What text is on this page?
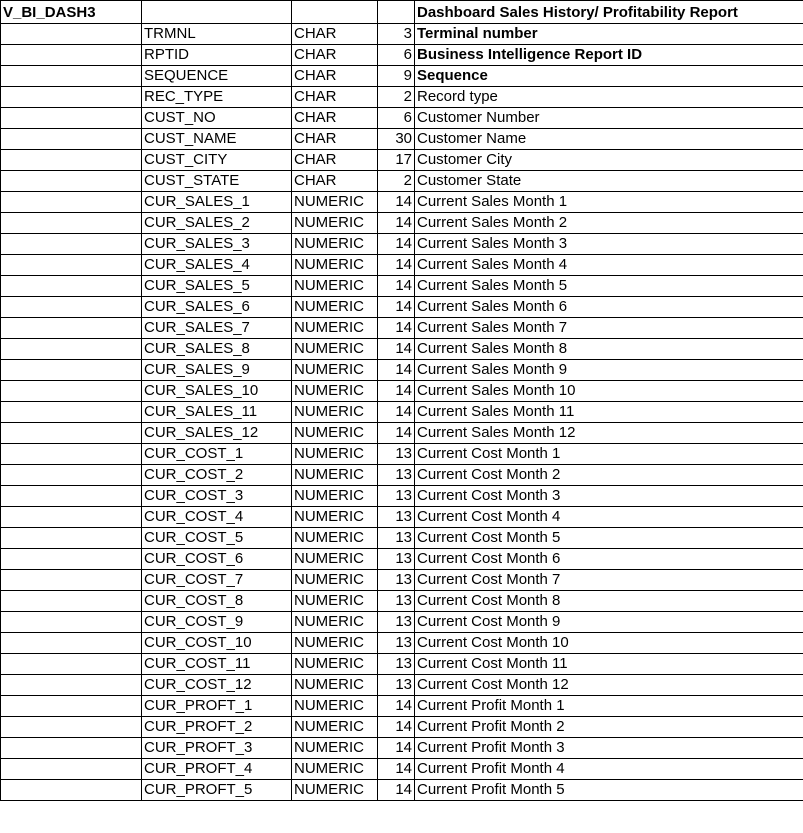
V_BI_DASH3				Dashboard Sales History/ Profitability Report
	TRMNL	CHAR	3	Terminal number
	RPTID	CHAR	6	Business Intelligence Report ID
	SEQUENCE	CHAR	9	Sequence
	REC_TYPE	CHAR	2	Record type
	CUST_NO	CHAR	6	Customer Number
	CUST_NAME	CHAR	30	Customer Name
	CUST_CITY	CHAR	17	Customer City
	CUST_STATE	CHAR	2	Customer State
	CUR_SALES_1	NUMERIC	14	Current Sales Month 1
	CUR_SALES_2	NUMERIC	14	Current Sales Month 2
	CUR_SALES_3	NUMERIC	14	Current Sales Month 3
	CUR_SALES_4	NUMERIC	14	Current Sales Month 4
	CUR_SALES_5	NUMERIC	14	Current Sales Month 5
	CUR_SALES_6	NUMERIC	14	Current Sales Month 6
	CUR_SALES_7	NUMERIC	14	Current Sales Month 7
	CUR_SALES_8	NUMERIC	14	Current Sales Month 8
	CUR_SALES_9	NUMERIC	14	Current Sales Month 9
	CUR_SALES_10	NUMERIC	14	Current Sales Month 10
	CUR_SALES_11	NUMERIC	14	Current Sales Month 11
	CUR_SALES_12	NUMERIC	14	Current Sales Month 12
	CUR_COST_1	NUMERIC	13	Current Cost Month 1
	CUR_COST_2	NUMERIC	13	Current Cost Month 2
	CUR_COST_3	NUMERIC	13	Current Cost Month 3
	CUR_COST_4	NUMERIC	13	Current Cost Month 4
	CUR_COST_5	NUMERIC	13	Current Cost Month 5
	CUR_COST_6	NUMERIC	13	Current Cost Month 6
	CUR_COST_7	NUMERIC	13	Current Cost Month 7
	CUR_COST_8	NUMERIC	13	Current Cost Month 8
	CUR_COST_9	NUMERIC	13	Current Cost Month 9
	CUR_COST_10	NUMERIC	13	Current Cost Month 10
	CUR_COST_11	NUMERIC	13	Current Cost Month 11
	CUR_COST_12	NUMERIC	13	Current Cost Month 12
	CUR_PROFT_1	NUMERIC	14	Current Profit Month 1
	CUR_PROFT_2	NUMERIC	14	Current Profit Month 2
	CUR_PROFT_3	NUMERIC	14	Current Profit Month 3
	CUR_PROFT_4	NUMERIC	14	Current Profit Month 4
	CUR_PROFT_5	NUMERIC	14	Current Profit Month 5
